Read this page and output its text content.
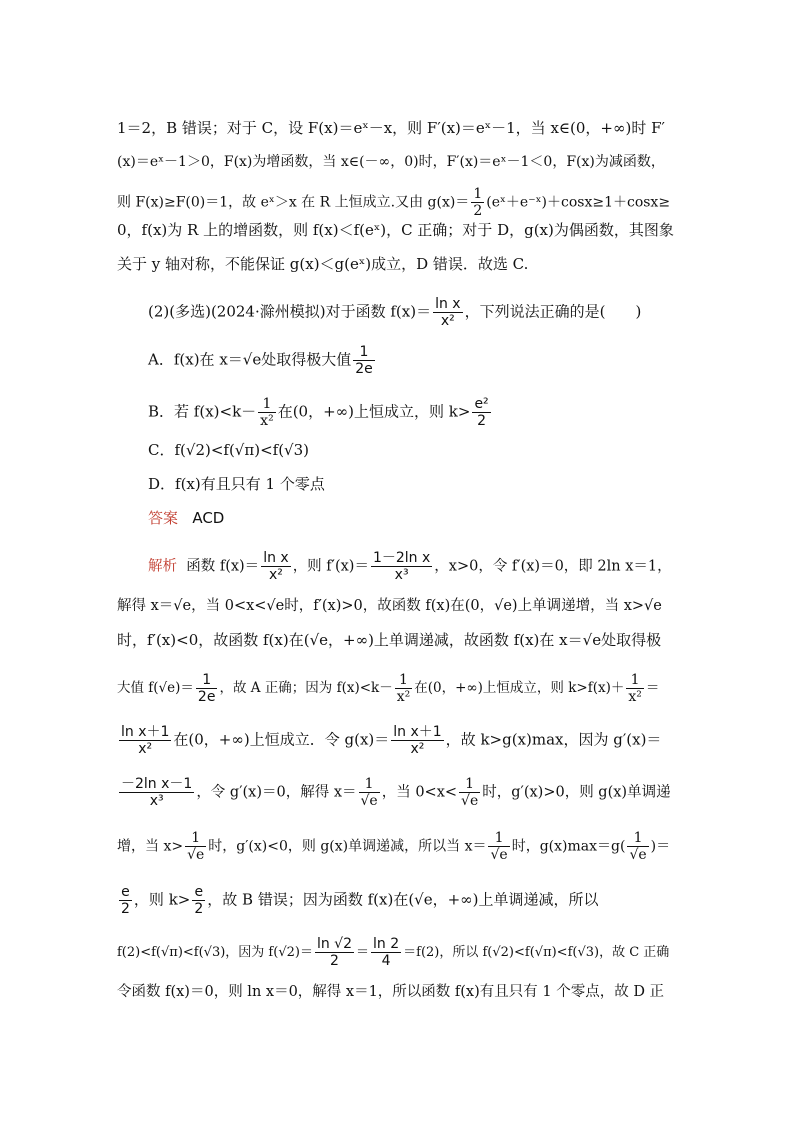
1＝2，B 错误；对于 C，设 F(x)＝eˣ－x，则 F′(x)＝eˣ－1，当 x∈(0，+∞)时 F′
(x)＝eˣ－1＞0，F(x)为增函数，当 x∈(－∞，0)时，F′(x)＝eˣ－1＜0，F(x)为减函数，
则 F(x)≥F(0)＝1，故 eˣ＞x 在 R 上恒成立.又由 $g(x)= \frac{1}{2}$ (eˣ＋e⁻ˣ)＋cosx≥1＋cosx≥
0，f(x)为 R 上的增函数，则 f(x)＜f(eˣ)，C 正确；对于 D，g(x)为偶函数，其图象
关于 y 轴对称，不能保证 g(x)＜g(eˣ)成立，D 错误．故选 C.
(2)(多选)(2024·滁州模拟)对于函数 $f(x)= \frac{\text{ln x}}{\text{x²}}$ ，下列说法正确的是(　　)
A．f(x)在 x＝√e处取得极大值 $\frac{1}{2e}$
B．若 $f(x)<k- \frac{1}{\text{x²}}$ 在(0，+∞)上恒成立，则 $k> \frac{\text{e²}}{2}$
C．f(√2)<f(√π)<f(√3)
D．f(x)有且只有 1 个零点
答案 ACD
解析 函数 $f(x)= \frac{\text{ln x}}{\text{x²}}$ ，则 $f'(x)= \frac{\text{1－2ln x}}{\text{x³}}$ ，x>0，令 f′(x)＝0，即 2ln x＝1，
解得 x＝√e，当 0<x<√e时，f′(x)>0，故函数 f(x)在(0，√e)上单调递增，当 x>√e
时，f′(x)<0，故函数 f(x)在(√e，+∞)上单调递减，故函数 f(x)在 x＝√e处取得极
大值 $f(√e)= \frac{1}{2e}$ ，故 A 正确；因为 $f(x)<k- \frac{1}{\text{x²}}$ 在(0，+∞)上恒成立，则 $k>f(x)+ \frac{1}{\text{x²}}$ ＝
$\frac{\text{ln x＋1}}{\text{x²}}$ 在(0，+∞)上恒成立．令 $g(x)= \frac{\text{ln x＋1}}{\text{x²}}$ ，故 k>g(x)max，因为 g′(x)＝
$\frac{\text{－2ln x－1}}{\text{x³}}$ ，令 g′(x)＝0，解得 $x= \frac{1}{√e}$ ，当 $0<x< \frac{1}{√e}$ 时，g′(x)>0，则 g(x)单调递
增，当 $x> \frac{1}{√e}$ 时，g′(x)<0，则 g(x)单调递减，所以当 $x= \frac{1}{√e}$ 时，$g(x)\max=g( \frac{1}{√e}$ )＝
$\frac{e}{2}$ ，则 $k> \frac{e}{2}$ ，故 B 错误；因为函数 f(x)在(√e，+∞)上单调递减，所以
f(2)<f(√π)<f(√3)，因为 $f(√2)= \frac{\ln √2}{2} = \frac{\ln 2}{4} =f(2)$，所以 f(√2)<f(√π)<f(√3)，故 C 正确
令函数 f(x)＝0，则 ln x＝0，解得 x＝1，所以函数 f(x)有且只有 1 个零点，故 D 正
